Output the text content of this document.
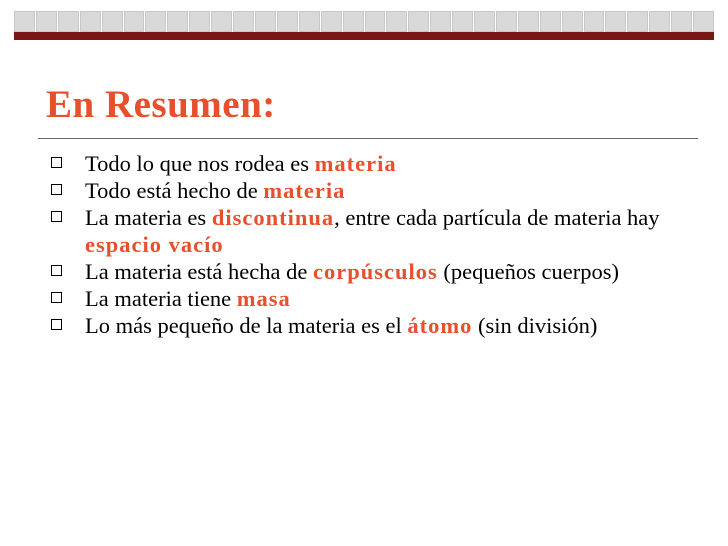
En Resumen:
Todo lo que nos rodea es materia
Todo está hecho de materia
La materia es discontinua, entre cada partícula de materia hay espacio vacío
La materia está hecha de corpúsculos (pequeños cuerpos)
La materia tiene masa
Lo más pequeño de la materia es el átomo (sin división)
